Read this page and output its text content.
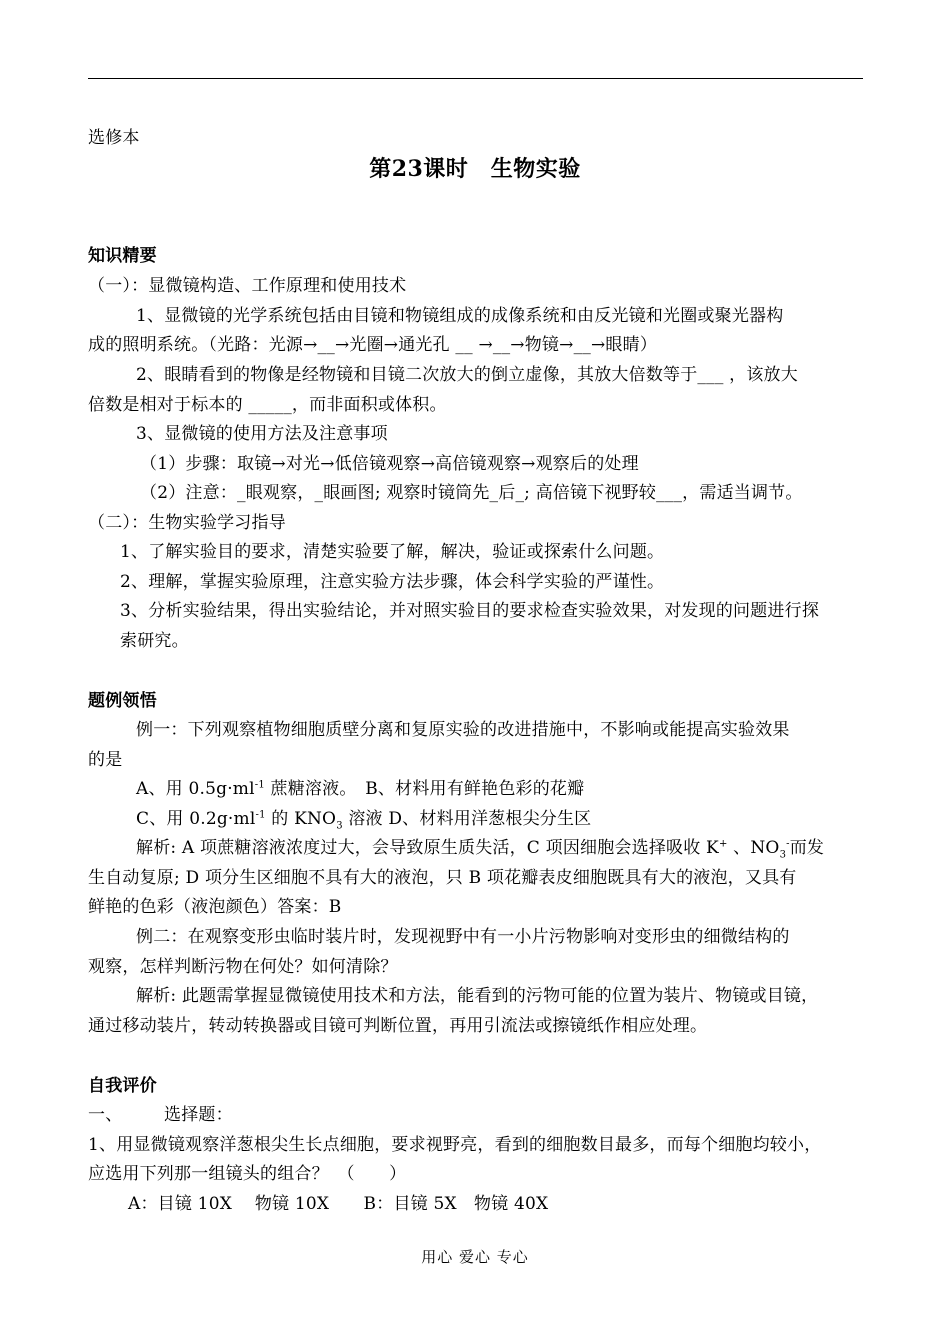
选修本
第23课时　生物实验
知识精要
（一）：显微镜构造、工作原理和使用技术
1、显微镜的光学系统包括由目镜和物镜组成的成像系统和由反光镜和光圈或聚光器构
成的照明系统。（光路：光源→__→光圈→通光孔 __ →__→物镜→__→眼睛）
2、眼睛看到的物像是经物镜和目镜二次放大的倒立虚像，其放大倍数等于___ ，该放大
倍数是相对于标本的 _____，而非面积或体积。
3、显微镜的使用方法及注意事项
（1）步骤：取镜→对光→低倍镜观察→高倍镜观察→观察后的处理
（2）注意：_眼观察，_眼画图; 观察时镜筒先_后_; 高倍镜下视野较___，需适当调节。
（二）：生物实验学习指导
1、了解实验目的要求，清楚实验要了解，解决，验证或探索什么问题。
2、理解，掌握实验原理，注意实验方法步骤，体会科学实验的严谨性。
3、分析实验结果，得出实验结论，并对照实验目的要求检查实验效果，对发现的问题进行探
索研究。
题例领悟
例一：下列观察植物细胞质壁分离和复原实验的改进措施中，不影响或能提高实验效果
的是
A、用 $0.5g\cdot ml^{-1}$ 蔗糖溶液。　B、材料用有鲜艳色彩的花瓣
C、用 $0.2g\cdot ml^{-1}$ 的 $KNO_3$ 溶液 D、材料用洋葱根尖分生区
解析: A 项蔗糖溶液浓度过大，会导致原生质失活，C 项因细胞会选择吸收 K+ 、$NO_3^-$而发
生自动复原; D 项分生区细胞不具有大的液泡，只 B 项花瓣表皮细胞既具有大的液泡，又具有
鲜艳的色彩（液泡颜色）答案：B
例二：在观察变形虫临时装片时，发现视野中有一小片污物影响对变形虫的细微结构的
观察，怎样判断污物在何处？如何清除？
解析: 此题需掌握显微镜使用技术和方法，能看到的污物可能的位置为装片、物镜或目镜，
通过移动装片，转动转换器或目镜可判断位置，再用引流法或擦镜纸作相应处理。
自我评价
一、 选择题：
1、用显微镜观察洋葱根尖生长点细胞，要求视野亮，看到的细胞数目最多，而每个细胞均较小，
应选用下列那一组镜头的组合？　（　　）
A：目镜 10X　 物镜 10X　　B：目镜 5X　物镜 40X
用心 爱心 专心
